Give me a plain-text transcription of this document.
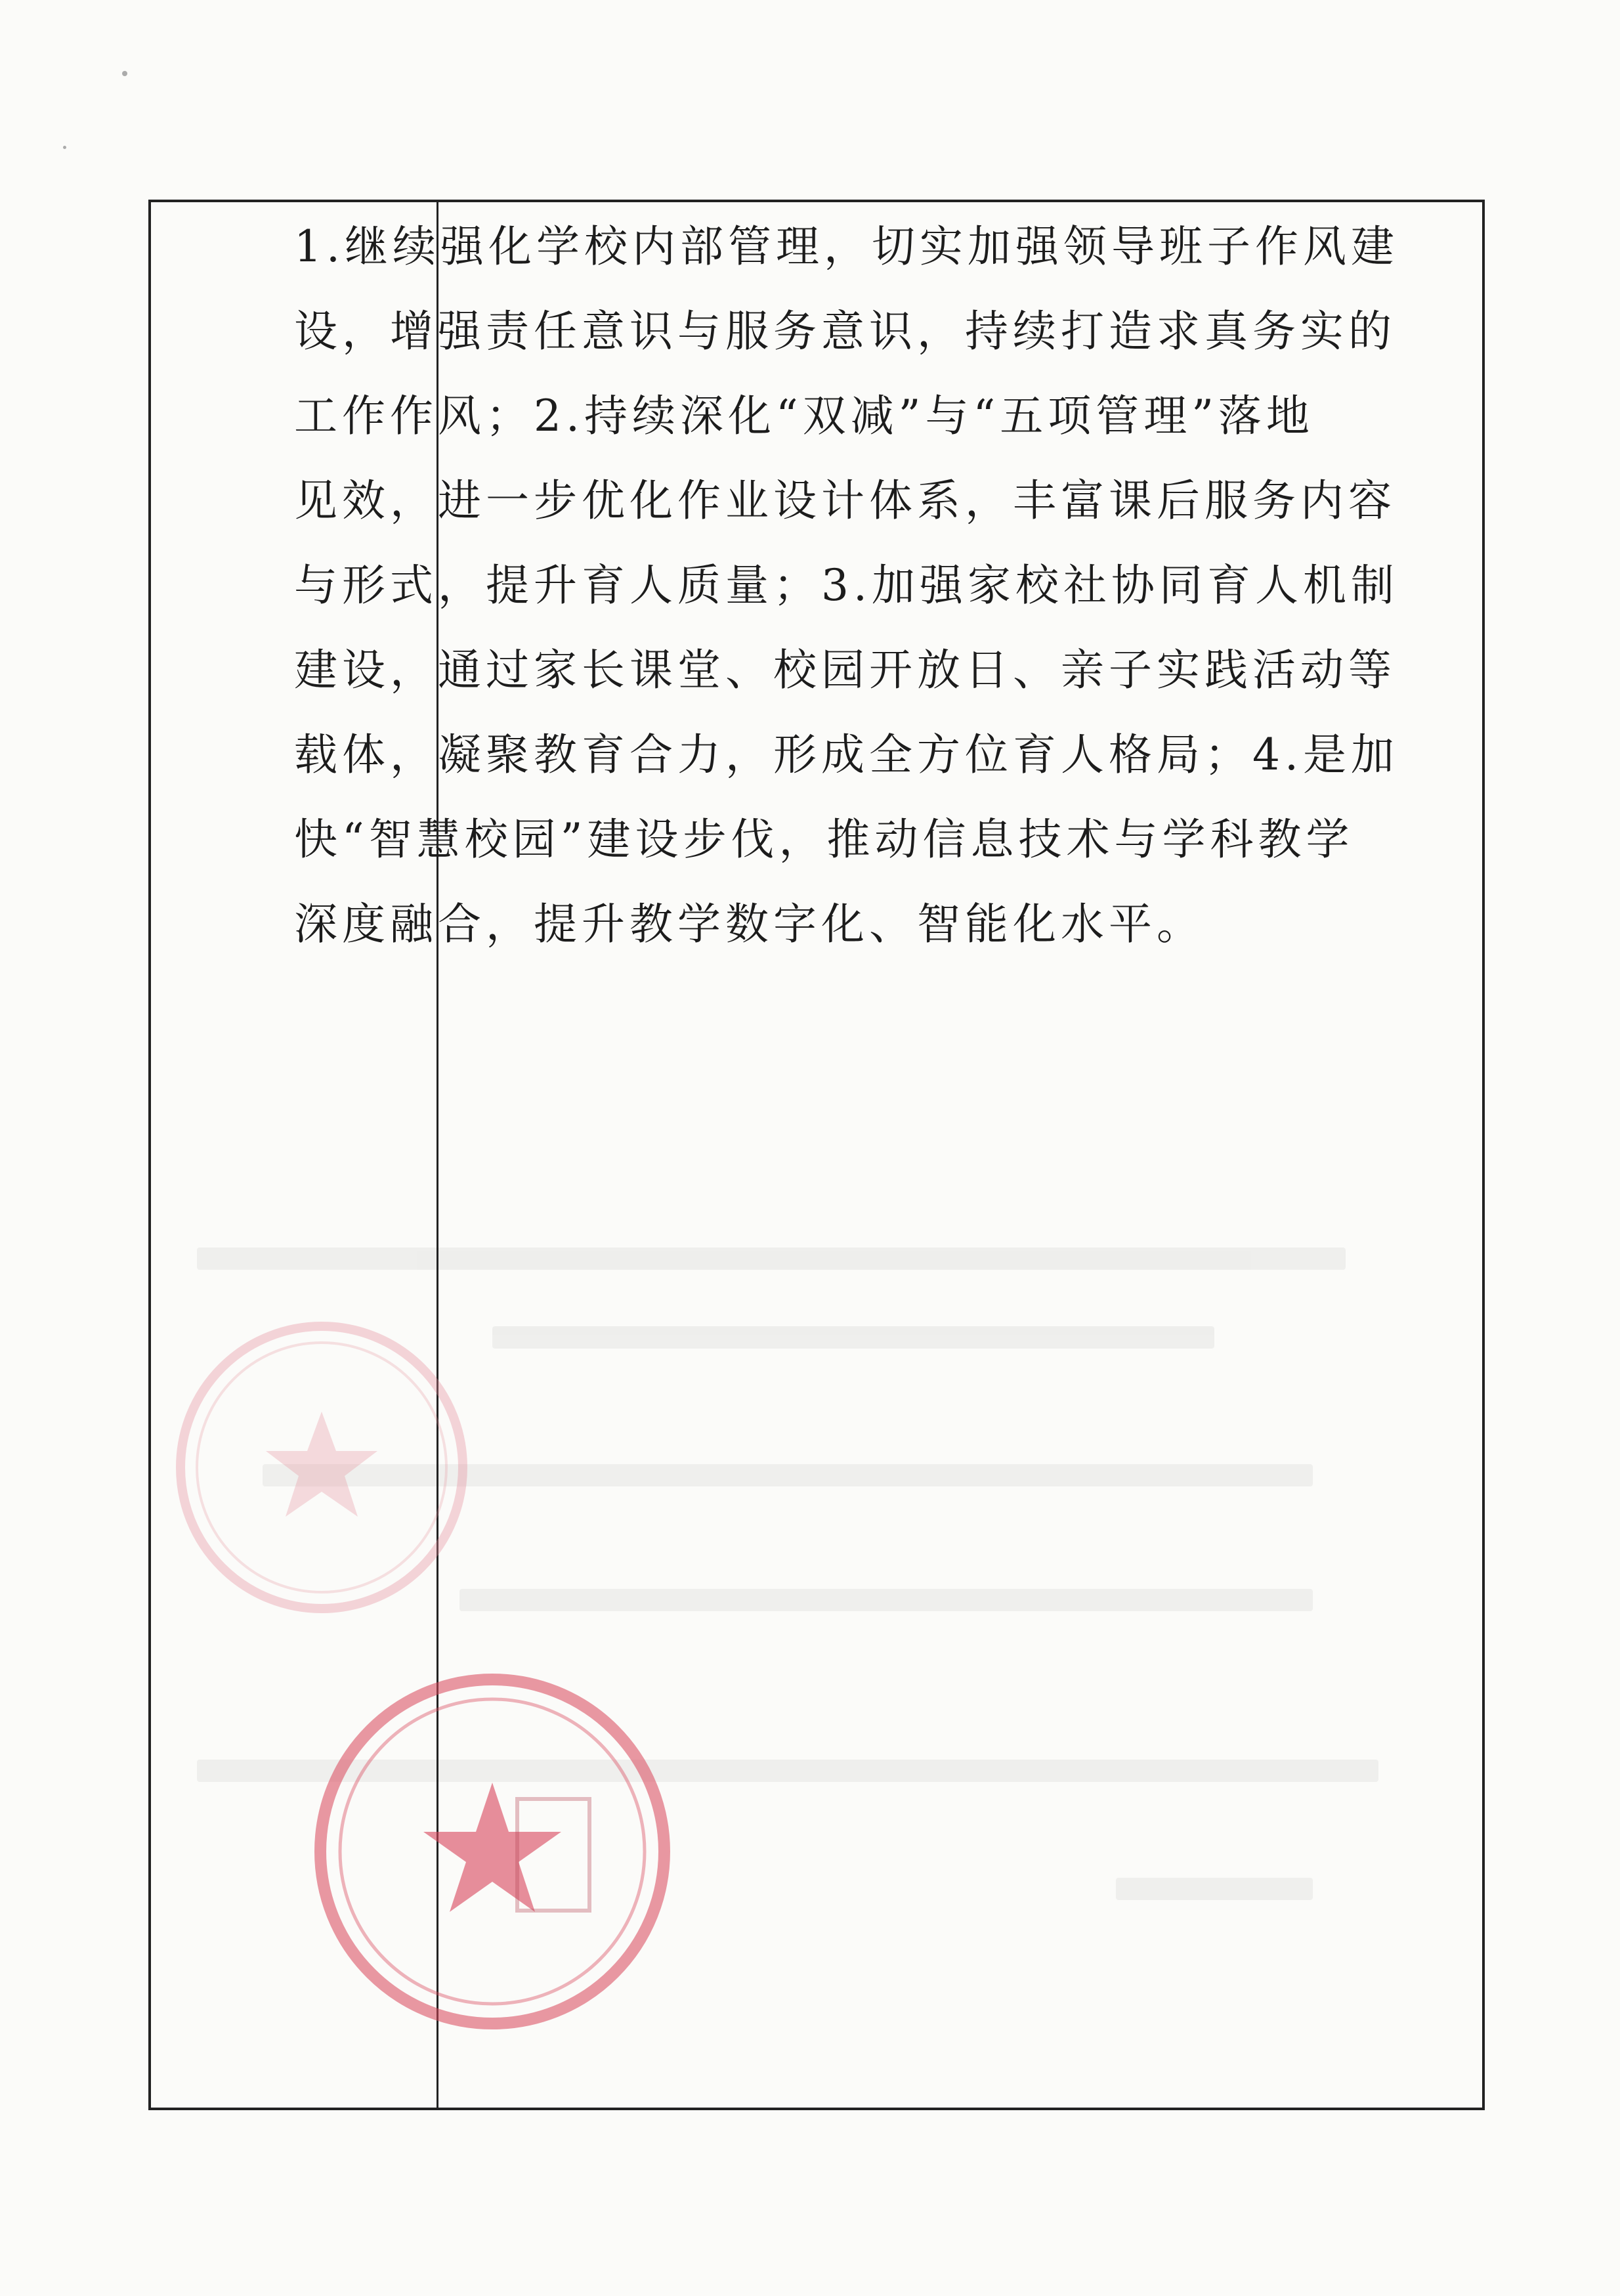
1.继续强化学校内部管理，切实加强领导班子作风建
设，增强责任意识与服务意识，持续打造求真务实的
工作作风；2.持续深化“双减”与“五项管理”落地
见效，进一步优化作业设计体系，丰富课后服务内容
与形式，提升育人质量；3.加强家校社协同育人机制
建设，通过家长课堂、校园开放日、亲子实践活动等
载体，凝聚教育合力，形成全方位育人格局；4.是加
快“智慧校园”建设步伐，推动信息技术与学科教学
深度融合，提升教学数字化、智能化水平。
